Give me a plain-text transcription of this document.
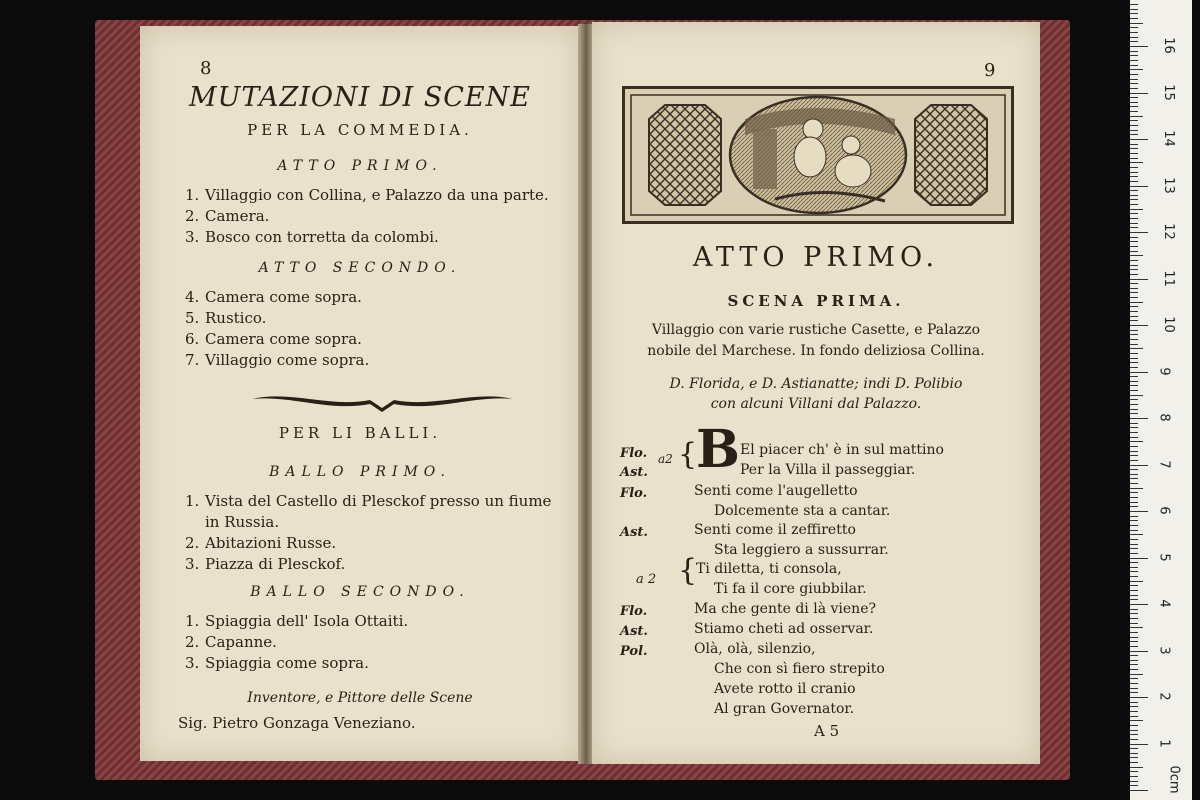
8
MUTAZIONI DI SCENE
PER LA COMMEDIA.
ATTO PRIMO.
1. Villaggio con Collina, e Palazzo da una parte.
2. Camera.
3. Bosco con torretta da colombi.
ATTO SECONDO.
4. Camera come sopra.
5. Rustico.
6. Camera come sopra.
7. Villaggio come sopra.
PER LI BALLI.
BALLO PRIMO.
1. Vista del Castello di Plesckof presso un fiume
in Russia.
2. Abitazioni Russe.
3. Piazza di Plesckof.
BALLO SECONDO.
1. Spiaggia dell' Isola Ottaiti.
2. Capanne.
3. Spiaggia come sopra.
Inventore, e Pittore delle Scene
Sig. Pietro Gonzaga Veneziano.
9
ATTO PRIMO.
SCENA PRIMA.
Villaggio con varie rustiche Casette, e Palazzo
nobile del Marchese. In fondo deliziosa Collina.
D. Florida, e D. Astianatte; indi D. Polibio
con alcuni Villani dal Palazzo.
B
a2 {
{
Flo.	El piacer ch' è in sul mattino
Ast.	Per la Villa il passeggiar.
Flo.	Senti come l'augelletto
Dolcemente sta a cantar.
Ast.	Senti come il zeffiretto
Sta leggiero a sussurrar.
a 2
Ti diletta, ti consola,
Ti fa il core giubbilar.
Flo.	Ma che gente di là viene?
Ast.	Stiamo cheti ad osservar.
Pol.	Olà, olà, silenzio,
Che con sì fiero strepito
Avete rotto il cranio
Al gran Governator.
A 5
0cm
1
2
3
4
5
6
7
8
9
10
11
12
13
14
15
16
